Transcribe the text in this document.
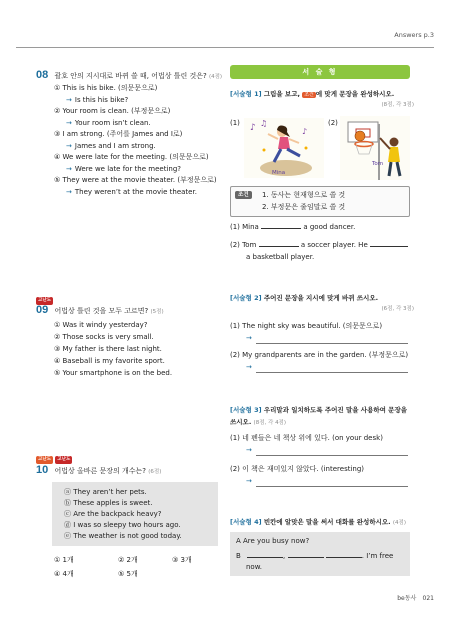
Answers p.3
08 괄호 안의 지시대로 바뀌 쓸 때, 어법상 틀린 것은? (4점)
① This is his bike. (의문문으로)
→ Is this his bike?
② Your room is clean. (부정문으로)
→ Your room isn’t clean.
③ I am strong. (주어를 James and I로)
→ James and I am strong.
④ We were late for the meeting. (의문문으로)
→ Were we late for the meeting?
⑤ They were at the movie theater. (부정문으로)
→ They weren’t at the movie theater.
고난도
09 어법상 틀린 것을 모두 고르면? (5점)
① Was it windy yesterday?
② Those socks is very small.
③ My father is there last night.
④ Baseball is my favorite sport.
⑤ Your smartphone is on the bed.
고난도 고난도
10 어법상 올바른 문장의 개수는? (6점)
ⓐ They aren’t her pets.
ⓑ These apples is sweet.
ⓒ Are the backpack heavy?
ⓓ I was so sleepy two hours ago.
ⓔ The weather is not good today.
① 1개	② 2개	③ 3개
④ 4개	⑤ 5개
서 술 형
[서술형 1] 그림을 보고, 조건 에 맞게 문장을 완성하시오.
(8점, 각 3점)
(1)	(2)
♪ ♫
♪
Mina
Tom
조건	1. 동사는 현재형으로 쓸 것
2. 부정문은 줄임말로 쓸 것
(1) Mina	a good dancer.
(2) Tom	a soccer player. He
a basketball player.
[서술형 2] 주어진 문장을 지시에 맞게 바뀌 쓰시오.
(6점, 각 3점)
(1) The night sky was beautiful. (의문문으로)
→
(2) My grandparents are in the garden. (부정문으로)
→
[서술형 3] 우리말과 일치하도록 주어진 말을 사용하여 문장을
쓰시오. (8점, 각 4점)
(1) 네 펜들은 네 책상 위에 있다. (on your desk)
→
(2) 이 책은 재미있지 않았다. (interesting)
→
[서술형 4] 빈칸에 알맞은 말을 써서 대화를 완성하시오. (4점)
A Are you busy now?
B	,	. I’m free
now.
be동사 021
